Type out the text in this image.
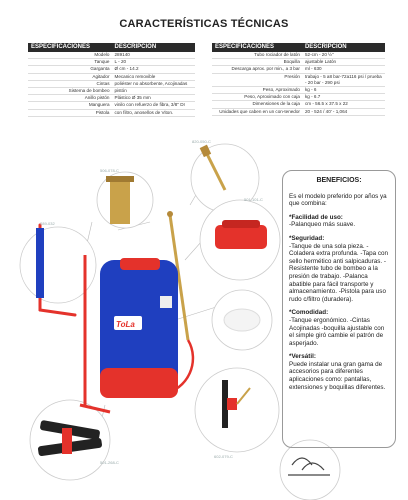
CARACTERÍSTICAS TÉCNICAS
ESPECIFICACIONES	DESCRIPCIÓN
Modelo	289140
Tanque	L - 20
Garganta	Ø cm - 14.2
Agitador	Mecanico removible
Cintas	poliéster no absorbente, Acojinadas
Sistema de bombeo	pistón
Anillo pistón	Plástico Ø 35 mm
Manguera	vinilo con refuerzo de fibra, 3/8" DI
Pistola	con filtro, anosellos de Viton.
ESPECIFICACIONES	DESCRIPCIÓN
Tubo rociador de latón	52-cm - 20 ½"
Boquilla	ajustable Latón
Descarga aprox. por min., a 3 bar	ml - 630
Presión	trabajo - 5 a8 bar-72a116 psi / prueba - 20 bar - 290 psi
Peso, Aproximado	kg - 6
Peso, Aproximado con caja	kg - 6.7
Dimensiones de la caja	cm - 56.5 x 37.5 x 22
Unidades que caben en un con-tenedor	20 - 524 / 40' - 1,064
ToLa
820-050-C
506-078-C
289-032
501-101-C
501-268-C
602-079-C
BENEFICIOS:

Es el modelo preferido por años ya que combina:

*Facilidad de uso:

-Palanqueo más suave.

*Seguridad:

-Tanque de una sola pieza. -Coladera extra profunda. -Tapa con sello hermético anti salpicaduras. -Resistente tubo de bombeo a la presión de trabajo. -Palanca abatible para fácil transporte y almacenamiento. -Pistola para uso rudo c/filtro (duradera).

*Comodidad:

-Tanque ergonómico. -Cintas Acojinadas -boquilla ajustable con el simple giró cambie el patrón de asperjado.

*Versátil:

Puede instalar una gran gama de accesorios para diferentes aplicaciones como: pantallas, extensiones y boquillas diferentes.
